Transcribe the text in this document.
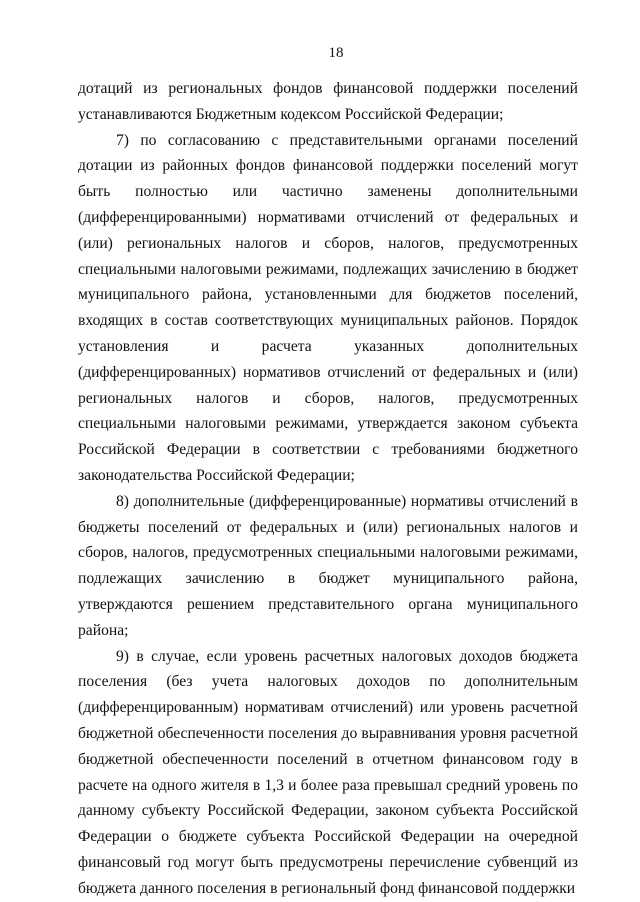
18

дотаций из региональных фондов финансовой поддержки поселений устанавливаются Бюджетным кодексом Российской Федерации;

7) по согласованию с представительными органами поселений дотации из районных фондов финансовой поддержки поселений могут быть полностью или частично заменены дополнительными (дифференцированными) нормативами отчислений от федеральных и (или) региональных налогов и сборов, налогов, предусмотренных специальными налоговыми режимами, подлежащих зачислению в бюджет муниципального района, установленными для бюджетов поселений, входящих в состав соответствующих муниципальных районов. Порядок установления и расчета указанных дополнительных (дифференцированных) нормативов отчислений от федеральных и (или) региональных налогов и сборов, налогов, предусмотренных специальными налоговыми режимами, утверждается законом субъекта Российской Федерации в соответствии с требованиями бюджетного законодательства Российской Федерации;

8) дополнительные (дифференцированные) нормативы отчислений в бюджеты поселений от федеральных и (или) региональных налогов и сборов, налогов, предусмотренных специальными налоговыми режимами, подлежащих зачислению в бюджет муниципального района, утверждаются решением представительного органа муниципального района;

9) в случае, если уровень расчетных налоговых доходов бюджета поселения (без учета налоговых доходов по дополнительным (дифференцированным) нормативам отчислений) или уровень расчетной бюджетной обеспеченности поселения до выравнивания уровня расчетной бюджетной обеспеченности поселений в отчетном финансовом году в расчете на одного жителя в 1,3 и более раза превышал средний уровень по данному субъекту Российской Федерации, законом субъекта Российской Федерации о бюджете субъекта Российской Федерации на очередной финансовый год могут быть предусмотрены перечисление субвенций из бюджета данного поселения в региональный фонд финансовой поддержки
